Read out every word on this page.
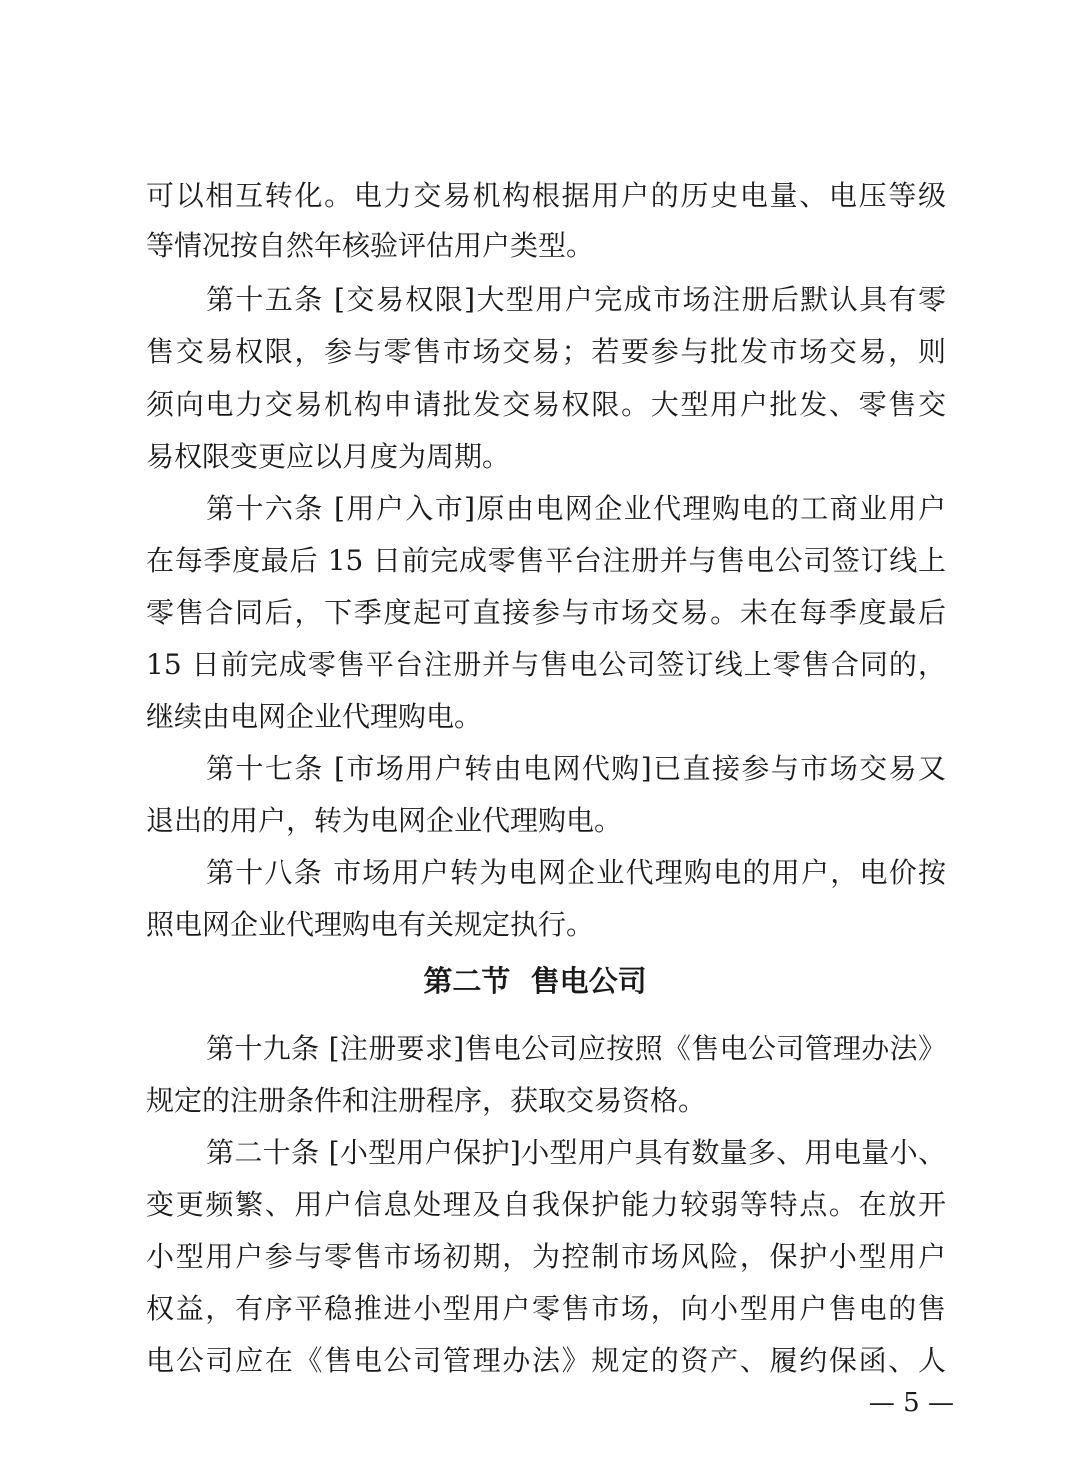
可以相互转化。电力交易机构根据用户的历史电量、电压等级
等情况按自然年核验评估用户类型。
第十五条 [交易权限]大型用户完成市场注册后默认具有零
售交易权限，参与零售市场交易；若要参与批发市场交易，则
须向电力交易机构申请批发交易权限。大型用户批发、零售交
易权限变更应以月度为周期。
第十六条 [用户入市]原由电网企业代理购电的工商业用户
在每季度最后 15 日前完成零售平台注册并与售电公司签订线上
零售合同后，下季度起可直接参与市场交易。未在每季度最后
15 日前完成零售平台注册并与售电公司签订线上零售合同的，
继续由电网企业代理购电。
第十七条 [市场用户转由电网代购]已直接参与市场交易又
退出的用户，转为电网企业代理购电。
第十八条 市场用户转为电网企业代理购电的用户，电价按
照电网企业代理购电有关规定执行。
第二节  售电公司
第十九条 [注册要求]售电公司应按照《售电公司管理办法》
规定的注册条件和注册程序，获取交易资格。
第二十条 [小型用户保护]小型用户具有数量多、用电量小、
变更频繁、用户信息处理及自我保护能力较弱等特点。在放开
小型用户参与零售市场初期，为控制市场风险，保护小型用户
权益，有序平稳推进小型用户零售市场，向小型用户售电的售
电公司应在《售电公司管理办法》规定的资产、履约保函、人
— 5 —
